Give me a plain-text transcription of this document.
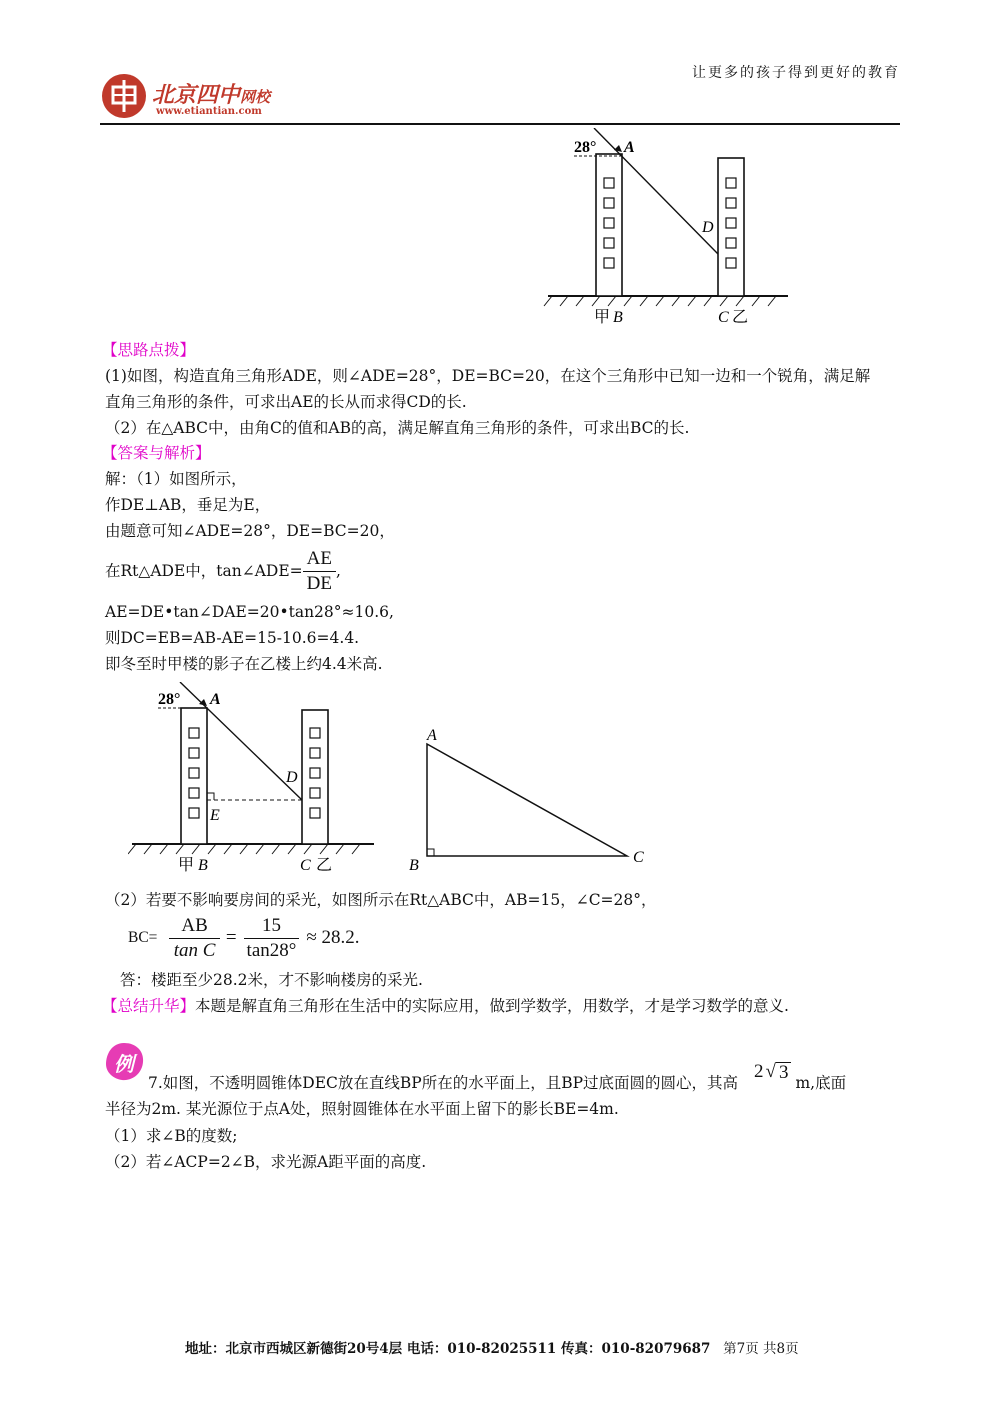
北京四中网校
www.etiantian.com
让更多的孩子得到更好的教育
28° A
D
甲 B	C 乙
【思路点拨】
(1)如图，构造直角三角形ADE，则∠ADE=28°，DE=BC=20，在这个三角形中已知一边和一个锐角，满足解
直角三角形的条件，可求出AE的长从而求得CD的长.
（2）在△ABC中，由角C的值和AB的高，满足解直角三角形的条件，可求出BC的长.
【答案与解析】
解：（1）如图所示，
作DE⊥AB，垂足为E，
由题意可知∠ADE=28°，DE=BC=20，
在Rt△ADE中，tan∠ADE= $\frac{AE}{DE}$ ,
AE=DE•tan∠DAE=20•tan28°≈10.6,
则DC=EB=AB-AE=15-10.6=4.4.
即冬至时甲楼的影子在乙楼上约4.4米高.
28° A
D
E
甲 B	C 乙
A
B	C
（2）若要不影响要房间的采光，如图所示在Rt△ABC中，AB=15，∠C=28°，
$BC= \frac{AB}{\text{tan C}} = \frac{15}{\tan 28^\circ} \approx 28.2$ .
答：楼距至少28.2米，才不影响楼房的采光.
【总结升华】本题是解直角三角形在生活中的实际应用，做到学数学，用数学，才是学习数学的意义.
例
7.如图，不透明圆锥体DEC放在直线BP所在的水平面上，且BP过底面圆的圆心，其高
2 √ 3 m,底面
半径为2m. 某光源位于点A处，照射圆锥体在水平面上留下的影长BE=4m.
（1）求∠B的度数;
（2）若∠ACP=2∠B，求光源A距平面的高度.
地址：北京市西城区新德街20号4层 电话：010-82025511 传真：010-82079687 第7页 共8页
